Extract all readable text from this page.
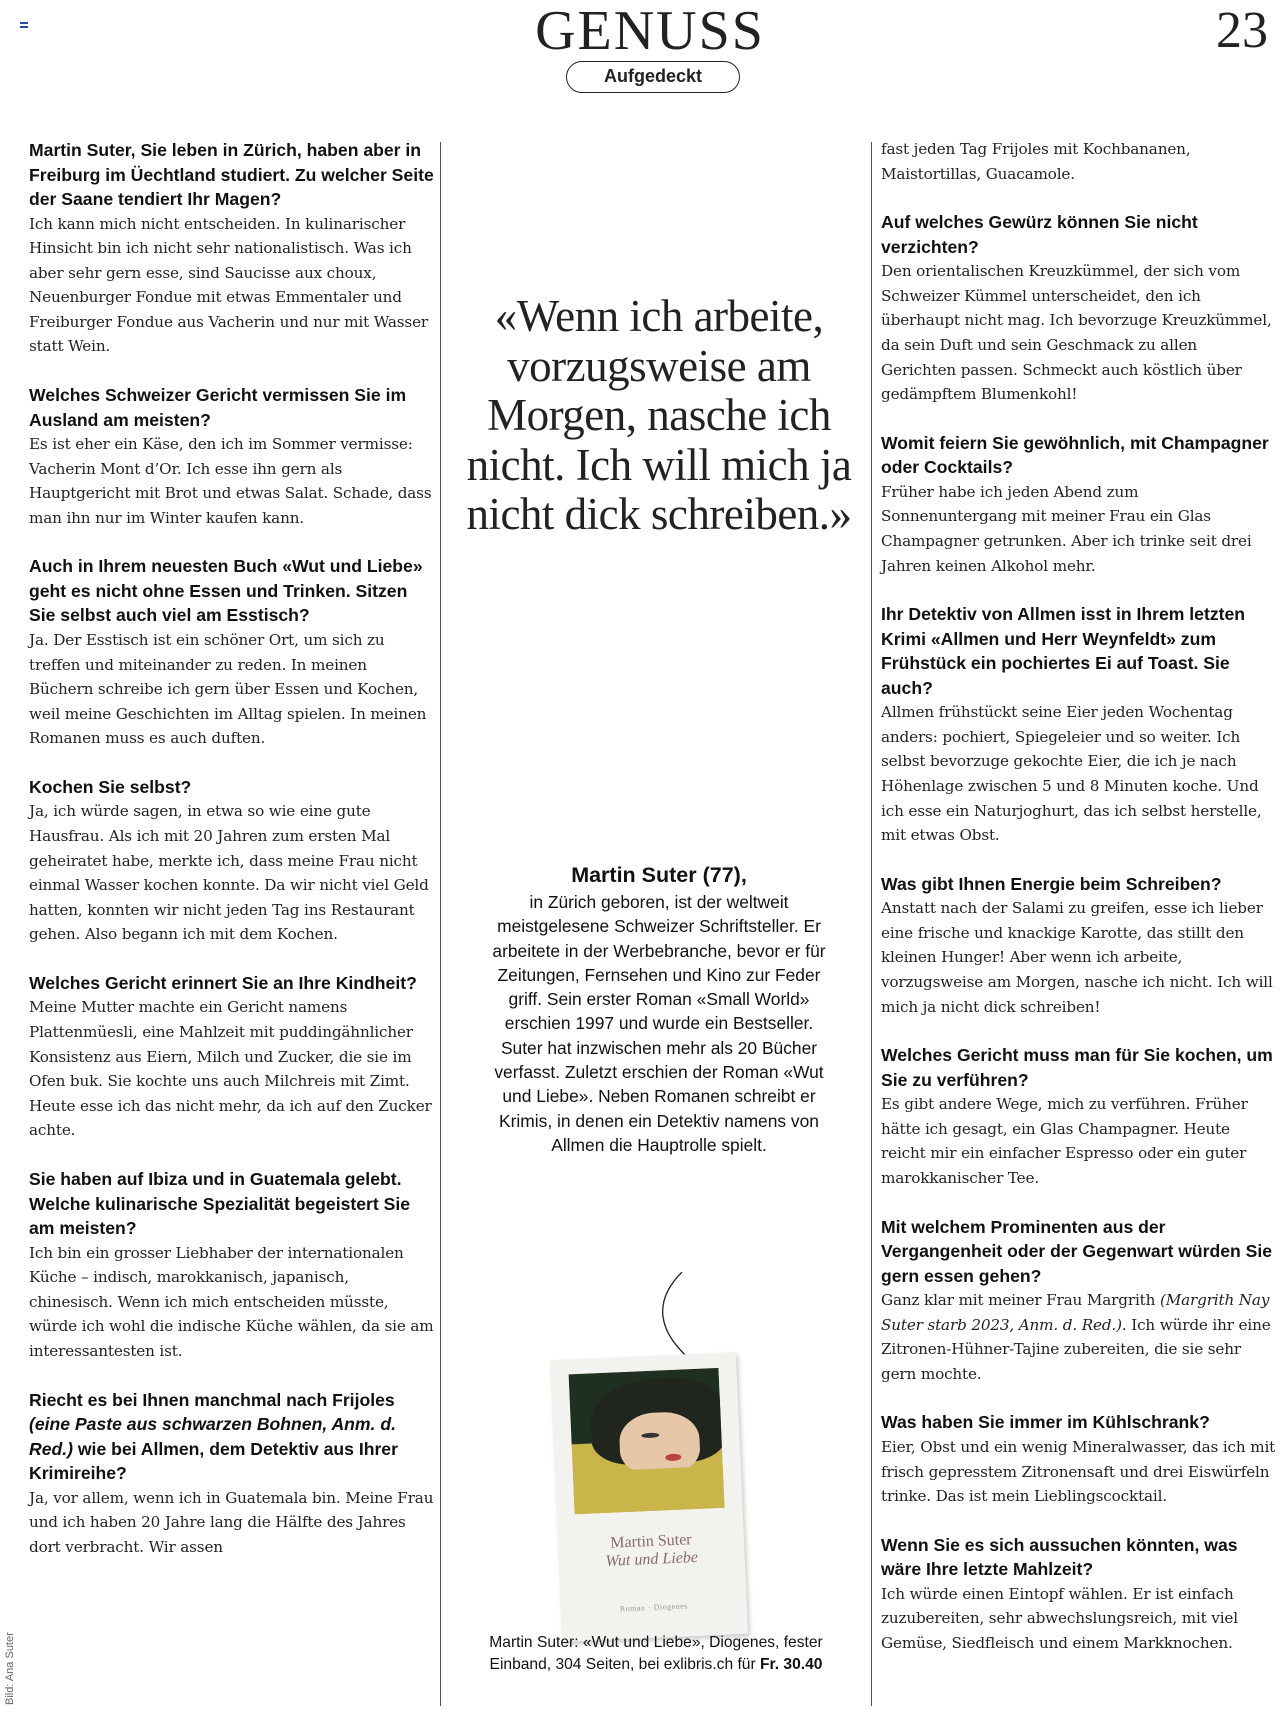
GENUSS
Aufgedeckt
23

Martin Suter, Sie leben in Zürich, haben aber in Freiburg im Üechtland studiert. Zu welcher Seite der Saane tendiert Ihr Magen?

Ich kann mich nicht entscheiden. In kulinarischer Hinsicht bin ich nicht sehr nationalistisch. Was ich aber sehr gern esse, sind Saucisse aux choux, Neuenburger Fondue mit etwas Emmentaler und Freiburger Fondue aus Vacherin und nur mit Wasser statt Wein.

Welches Schweizer Gericht vermissen Sie im Ausland am meisten?

Es ist eher ein Käse, den ich im Sommer vermisse: Vacherin Mont d’Or. Ich esse ihn gern als Hauptgericht mit Brot und etwas Salat. Schade, dass man ihn nur im Winter kaufen kann.

Auch in Ihrem neuesten Buch «Wut und Liebe» geht es nicht ohne Essen und Trinken. Sitzen Sie selbst auch viel am Esstisch?

Ja. Der Esstisch ist ein schöner Ort, um sich zu treffen und miteinander zu reden. In meinen Büchern schreibe ich gern über Essen und Kochen, weil meine Geschichten im Alltag spielen. In meinen Romanen muss es auch duften.

Kochen Sie selbst?

Ja, ich würde sagen, in etwa so wie eine gute Hausfrau. Als ich mit 20 Jahren zum ersten Mal geheiratet habe, merkte ich, dass meine Frau nicht einmal Wasser kochen konnte. Da wir nicht viel Geld hatten, konnten wir nicht jeden Tag ins Restaurant gehen. Also begann ich mit dem Kochen.

Welches Gericht erinnert Sie an Ihre Kindheit?

Meine Mutter machte ein Gericht namens Plattenmüesli, eine Mahlzeit mit puddingähnlicher Konsistenz aus Eiern, Milch und Zucker, die sie im Ofen buk. Sie kochte uns auch Milchreis mit Zimt. Heute esse ich das nicht mehr, da ich auf den Zucker achte.

Sie haben auf Ibiza und in Guatemala gelebt. Welche kulinarische Spezialität begeistert Sie am meisten?

Ich bin ein grosser Liebhaber der internationalen Küche – indisch, marokkanisch, japanisch, chinesisch. Wenn ich mich entscheiden müsste, würde ich wohl die indische Küche wählen, da sie am interessantesten ist.

Riecht es bei Ihnen manchmal nach Frijoles (eine Paste aus schwarzen Bohnen, Anm. d. Red.) wie bei Allmen, dem Detektiv aus Ihrer Krimireihe?

Ja, vor allem, wenn ich in Guatemala bin. Meine Frau und ich haben 20 Jahre lang die Hälfte des Jahres dort verbracht. Wir assen

«Wenn ich arbeite, vorzugsweise am Morgen, nasche ich nicht. Ich will mich ja nicht dick schreiben.»
Martin Suter (77),
in Zürich geboren, ist der weltweit meistgelesene Schweizer Schriftsteller. Er arbeitete in der Werbebranche, bevor er für Zeitungen, Fernsehen und Kino zur Feder griff. Sein erster Roman «Small World» erschien 1997 und wurde ein Bestseller. Suter hat inzwischen mehr als 20 Bücher verfasst. Zuletzt erschien der Roman «Wut und Liebe». Neben Romanen schreibt er Krimis, in denen ein Detektiv namens von Allmen die Hauptrolle spielt.
Martin Suter
Wut und Liebe
Roman · Diogenes
Martin Suter: «Wut und Liebe», Diogenes, fester Einband, 304 Seiten, bei exlibris.ch für Fr. 30.40

fast jeden Tag Frijoles mit Kochbananen, Maistortillas, Guacamole.

Auf welches Gewürz können Sie nicht verzichten?

Den orientalischen Kreuzkümmel, der sich vom Schweizer Kümmel unterscheidet, den ich überhaupt nicht mag. Ich bevorzuge Kreuzkümmel, da sein Duft und sein Geschmack zu allen Gerichten passen. Schmeckt auch köstlich über gedämpftem Blumenkohl!

Womit feiern Sie gewöhnlich, mit Champagner oder Cocktails?

Früher habe ich jeden Abend zum Sonnenuntergang mit meiner Frau ein Glas Champagner getrunken. Aber ich trinke seit drei Jahren keinen Alkohol mehr.

Ihr Detektiv von Allmen isst in Ihrem letzten Krimi «Allmen und Herr Weynfeldt» zum Frühstück ein pochiertes Ei auf Toast. Sie auch?

Allmen frühstückt seine Eier jeden Wochentag anders: pochiert, Spiegeleier und so weiter. Ich selbst bevorzuge gekochte Eier, die ich je nach Höhenlage zwischen 5 und 8 Minuten koche. Und ich esse ein Naturjoghurt, das ich selbst herstelle, mit etwas Obst.

Was gibt Ihnen Energie beim Schreiben?

Anstatt nach der Salami zu greifen, esse ich lieber eine frische und knackige Karotte, das stillt den kleinen Hunger! Aber wenn ich arbeite, vorzugsweise am Morgen, nasche ich nicht. Ich will mich ja nicht dick schreiben!

Welches Gericht muss man für Sie kochen, um Sie zu verführen?

Es gibt andere Wege, mich zu verführen. Früher hätte ich gesagt, ein Glas Champagner. Heute reicht mir ein einfacher Espresso oder ein guter marokkanischer Tee.

Mit welchem Prominenten aus der Vergangenheit oder der Gegenwart würden Sie gern essen gehen?

Ganz klar mit meiner Frau Margrith (Margrith Nay Suter starb 2023, Anm. d. Red.). Ich würde ihr eine Zitronen-Hühner-Tajine zubereiten, die sie sehr gern mochte.

Was haben Sie immer im Kühlschrank?

Eier, Obst und ein wenig Mineralwasser, das ich mit frisch gepresstem Zitronensaft und drei Eiswürfeln trinke. Das ist mein Lieblingscocktail.

Wenn Sie es sich aussuchen könnten, was wäre Ihre letzte Mahlzeit?

Ich würde einen Eintopf wählen. Er ist einfach zuzubereiten, sehr abwechslungsreich, mit viel Gemüse, Siedfleisch und einem Markknochen.

Bild: Ana Suter
